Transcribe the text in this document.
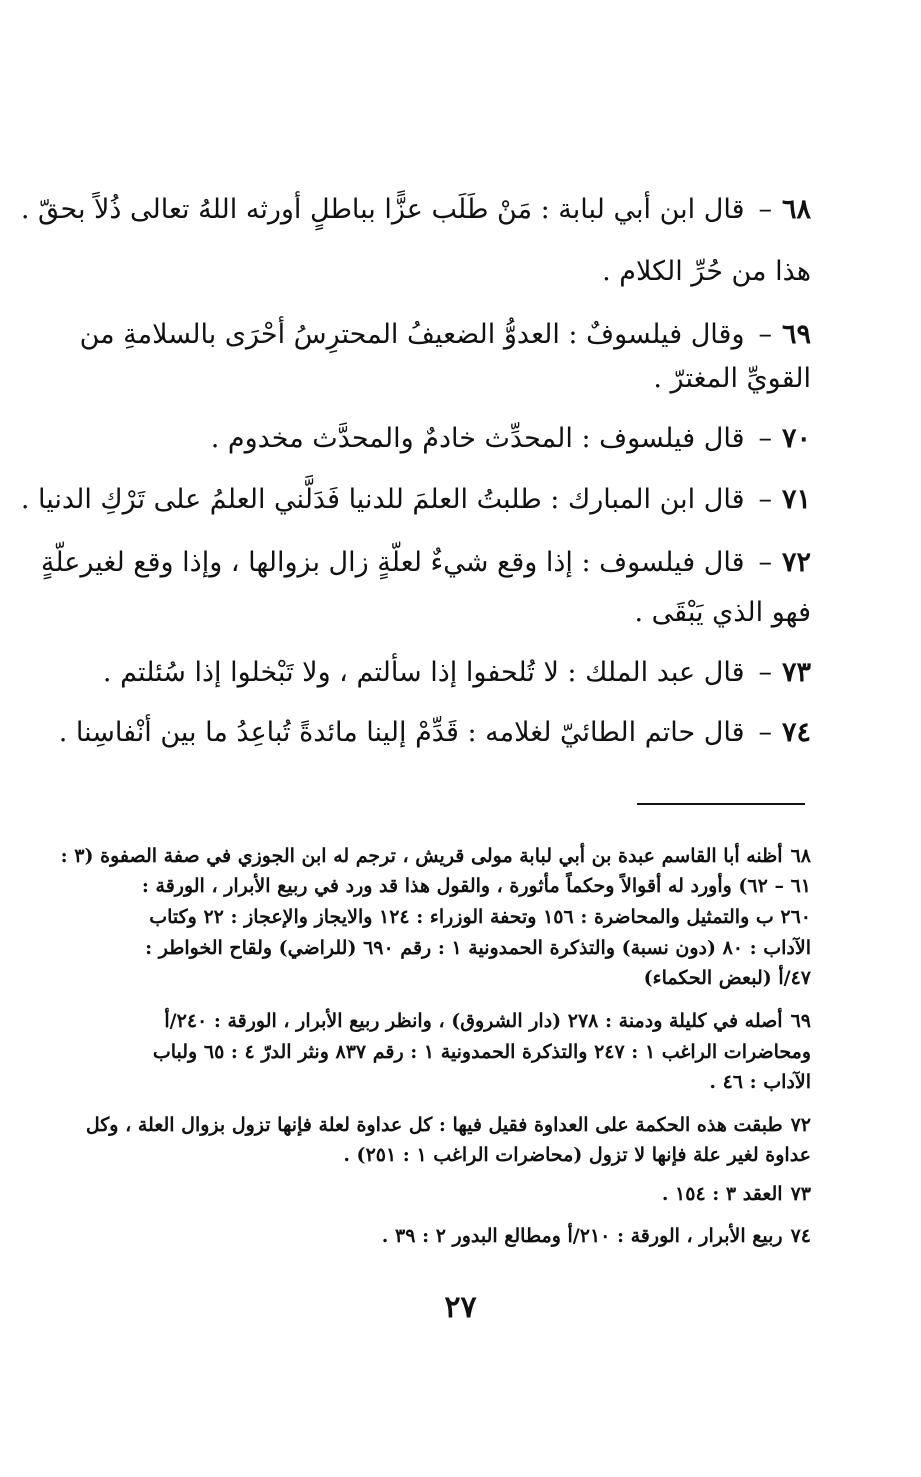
٦٨–قال ابن أبي لبابة : مَنْ طَلَب عزًّا بباطلٍ أورثه اللهُ تعالى ذُلاً بحقّ .
هذا من حُرِّ الكلام .
٦٩–وقال فيلسوفٌ : العدوُّ الضعيفُ المحترِسُ أحْرَى بالسلامةِ من
القويِّ المغترّ .
٧٠–قال فيلسوف : المحدِّث خادمٌ والمحدَّث مخدوم .
٧١–قال ابن المبارك : طلبتُ العلمَ للدنيا فَدَلَّني العلمُ على تَرْكِ الدنيا .
٧٢–قال فيلسوف : إذا وقع شيءٌ لعلّةٍ زال بزوالها ، وإذا وقع لغيرعلّةٍ
فهو الذي يَبْقَى .
٧٣–قال عبد الملك : لا تُلحفوا إذا سألتم ، ولا تَبْخلوا إذا سُئلتم .
٧٤–قال حاتم الطائيّ لغلامه : قَدِّمْ إلينا مائدةً تُباعِدُ ما بين أنْفاسِنا .
٦٨أظنه أبا القاسم عبدة بن أبي لبابة مولى قريش ، ترجم له ابن الجوزي في صفة الصفوة (٣ :
٦١ – ٦٢) وأورد له أقوالاً وحكماً مأثورة ، والقول هذا قد ورد في ربيع الأبرار ، الورقة :
٢٦٠ ب والتمثيل والمحاضرة : ١٥٦ وتحفة الوزراء : ١٢٤ والايجاز والإعجاز : ٢٢ وكتاب
الآداب : ٨٠ (دون نسبة) والتذكرة الحمدونية ١ : رقم ٦٩٠ (للراضي) ولقاح الخواطر :
٤٧/أ (لبعض الحكماء)
٦٩أصله في كليلة ودمنة : ٢٧٨ (دار الشروق) ، وانظر ربيع الأبرار ، الورقة : ٢٤٠/أ
ومحاضرات الراغب ١ : ٢٤٧ والتذكرة الحمدونية ١ : رقم ٨٣٧ ونثر الدرّ ٤ : ٦٥ ولباب
الآداب : ٤٦ .
٧٢طبقت هذه الحكمة على العداوة فقيل فيها : كل عداوة لعلة فإنها تزول بزوال العلة ، وكل
عداوة لغير علة فإنها لا تزول (محاضرات الراغب ١ : ٢٥١) .
٧٣العقد ٣ : ١٥٤ .
٧٤ربيع الأبرار ، الورقة : ٢١٠/أ ومطالع البدور ٢ : ٣٩ .
٢٧
